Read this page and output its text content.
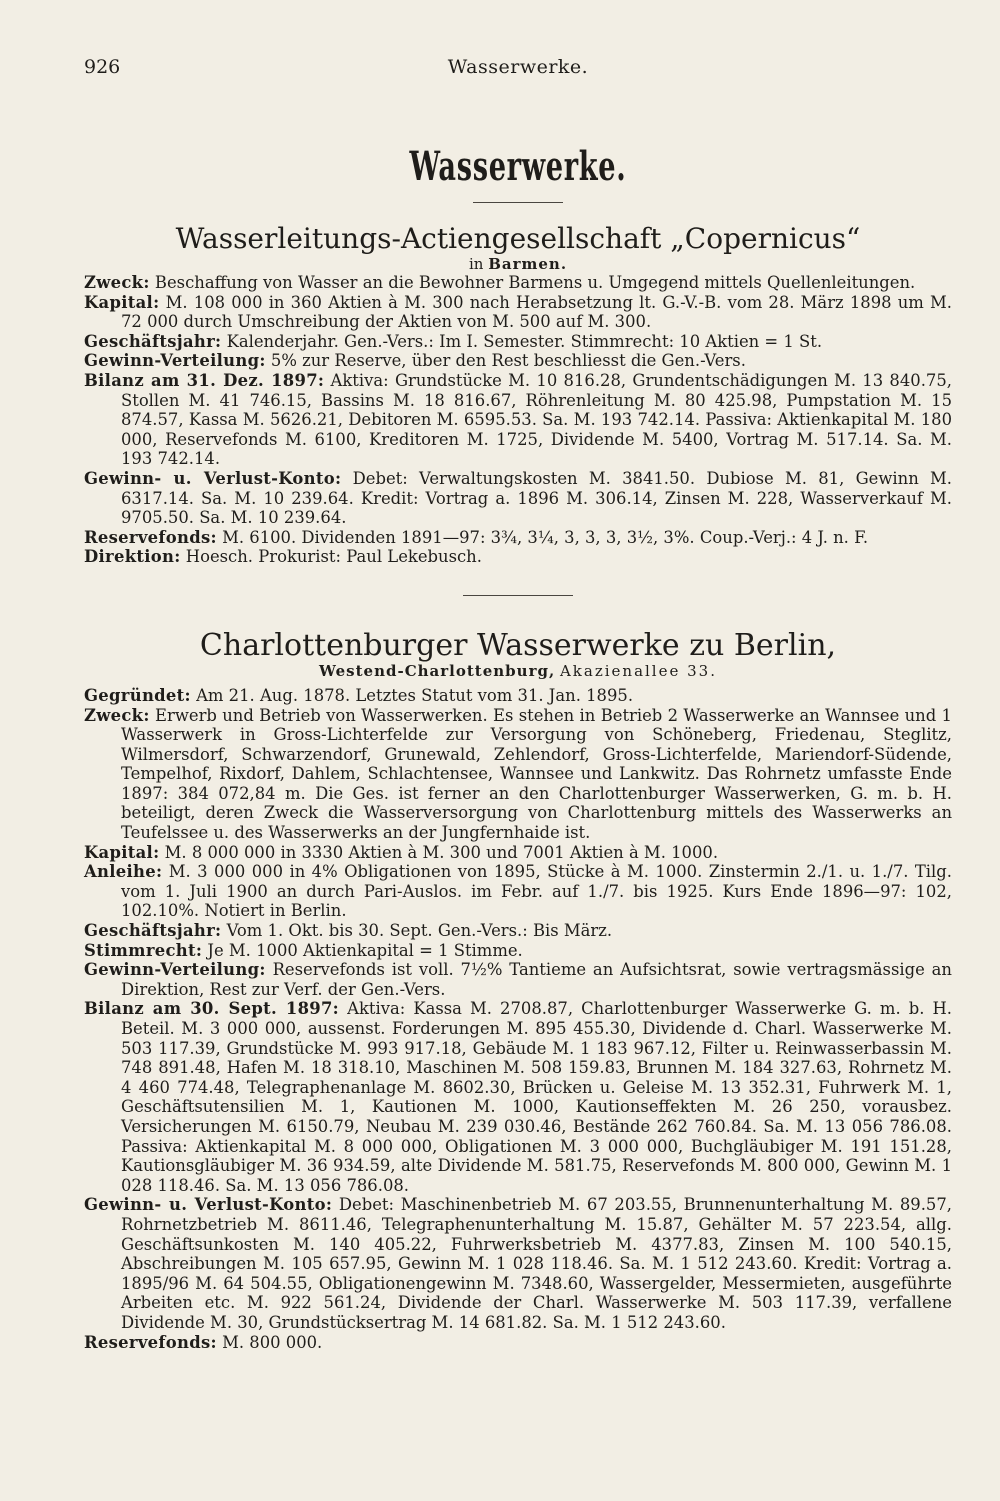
926	Wasserwerke.
Wasserwerke.
Wasserleitungs-Actiengesellschaft „Copernicus“
in Barmen.

Zweck: Beschaffung von Wasser an die Bewohner Barmens u. Umgegend mittels Quellenleitungen.

Kapital: M. 108 000 in 360 Aktien à M. 300 nach Herabsetzung lt. G.-V.-B. vom 28. März 1898 um M. 72 000 durch Umschreibung der Aktien von M. 500 auf M. 300.

Geschäftsjahr: Kalenderjahr. Gen.-Vers.: Im I. Semester. Stimmrecht: 10 Aktien = 1 St.

Gewinn-Verteilung: 5% zur Reserve, über den Rest beschliesst die Gen.-Vers.

Bilanz am 31. Dez. 1897: Aktiva: Grundstücke M. 10 816.28, Grundentschädigungen M. 13 840.75, Stollen M. 41 746.15, Bassins M. 18 816.67, Röhrenleitung M. 80 425.98, Pumpstation M. 15 874.57, Kassa M. 5626.21, Debitoren M. 6595.53. Sa. M. 193 742.14. Passiva: Aktienkapital M. 180 000, Reservefonds M. 6100, Kreditoren M. 1725, Dividende M. 5400, Vortrag M. 517.14. Sa. M. 193 742.14.

Gewinn- u. Verlust-Konto: Debet: Verwaltungskosten M. 3841.50. Dubiose M. 81, Gewinn M. 6317.14. Sa. M. 10 239.64. Kredit: Vortrag a. 1896 M. 306.14, Zinsen M. 228, Wasserverkauf M. 9705.50. Sa. M. 10 239.64.

Reservefonds: M. 6100. Dividenden 1891—97: 3¾, 3¼, 3, 3, 3, 3½, 3%. Coup.-Verj.: 4 J. n. F.

Direktion: Hoesch. Prokurist: Paul Lekebusch.

Charlottenburger Wasserwerke zu Berlin,
Westend-Charlottenburg, Akazienallee 33.

Gegründet: Am 21. Aug. 1878. Letztes Statut vom 31. Jan. 1895.

Zweck: Erwerb und Betrieb von Wasserwerken. Es stehen in Betrieb 2 Wasserwerke an Wannsee und 1 Wasserwerk in Gross-Lichterfelde zur Versorgung von Schöneberg, Friedenau, Steglitz, Wilmersdorf, Schwarzendorf, Grunewald, Zehlendorf, Gross-Lichterfelde, Mariendorf-Südende, Tempelhof, Rixdorf, Dahlem, Schlachtensee, Wannsee und Lankwitz. Das Rohrnetz umfasste Ende 1897: 384 072,84 m. Die Ges. ist ferner an den Charlottenburger Wasserwerken, G. m. b. H. beteiligt, deren Zweck die Wasserversorgung von Charlottenburg mittels des Wasserwerks an Teufelssee u. des Wasserwerks an der Jungfernhaide ist.

Kapital: M. 8 000 000 in 3330 Aktien à M. 300 und 7001 Aktien à M. 1000.

Anleihe: M. 3 000 000 in 4% Obligationen von 1895, Stücke à M. 1000. Zinstermin 2./1. u. 1./7. Tilg. vom 1. Juli 1900 an durch Pari-Auslos. im Febr. auf 1./7. bis 1925. Kurs Ende 1896—97: 102, 102.10%. Notiert in Berlin.

Geschäftsjahr: Vom 1. Okt. bis 30. Sept. Gen.-Vers.: Bis März.

Stimmrecht: Je M. 1000 Aktienkapital = 1 Stimme.

Gewinn-Verteilung: Reservefonds ist voll. 7½% Tantieme an Aufsichtsrat, sowie vertragsmässige an Direktion, Rest zur Verf. der Gen.-Vers.

Bilanz am 30. Sept. 1897: Aktiva: Kassa M. 2708.87, Charlottenburger Wasserwerke G. m. b. H. Beteil. M. 3 000 000, aussenst. Forderungen M. 895 455.30, Dividende d. Charl. Wasserwerke M. 503 117.39, Grundstücke M. 993 917.18, Gebäude M. 1 183 967.12, Filter u. Reinwasserbassin M. 748 891.48, Hafen M. 18 318.10, Maschinen M. 508 159.83, Brunnen M. 184 327.63, Rohrnetz M. 4 460 774.48, Telegraphenanlage M. 8602.30, Brücken u. Geleise M. 13 352.31, Fuhrwerk M. 1, Geschäftsutensilien M. 1, Kautionen M. 1000, Kautionseffekten M. 26 250, vorausbez. Versicherungen M. 6150.79, Neubau M. 239 030.46, Bestände 262 760.84. Sa. M. 13 056 786.08. Passiva: Aktienkapital M. 8 000 000, Obligationen M. 3 000 000, Buchgläubiger M. 191 151.28, Kautionsgläubiger M. 36 934.59, alte Dividende M. 581.75, Reservefonds M. 800 000, Gewinn M. 1 028 118.46. Sa. M. 13 056 786.08.

Gewinn- u. Verlust-Konto: Debet: Maschinenbetrieb M. 67 203.55, Brunnenunterhaltung M. 89.57, Rohrnetzbetrieb M. 8611.46, Telegraphenunterhaltung M. 15.87, Gehälter M. 57 223.54, allg. Geschäftsunkosten M. 140 405.22, Fuhrwerksbetrieb M. 4377.83, Zinsen M. 100 540.15, Abschreibungen M. 105 657.95, Gewinn M. 1 028 118.46. Sa. M. 1 512 243.60. Kredit: Vortrag a. 1895/96 M. 64 504.55, Obligationengewinn M. 7348.60, Wassergelder, Messermieten, ausgeführte Arbeiten etc. M. 922 561.24, Dividende der Charl. Wasserwerke M. 503 117.39, verfallene Dividende M. 30, Grundstücksertrag M. 14 681.82. Sa. M. 1 512 243.60.

Reservefonds: M. 800 000.
